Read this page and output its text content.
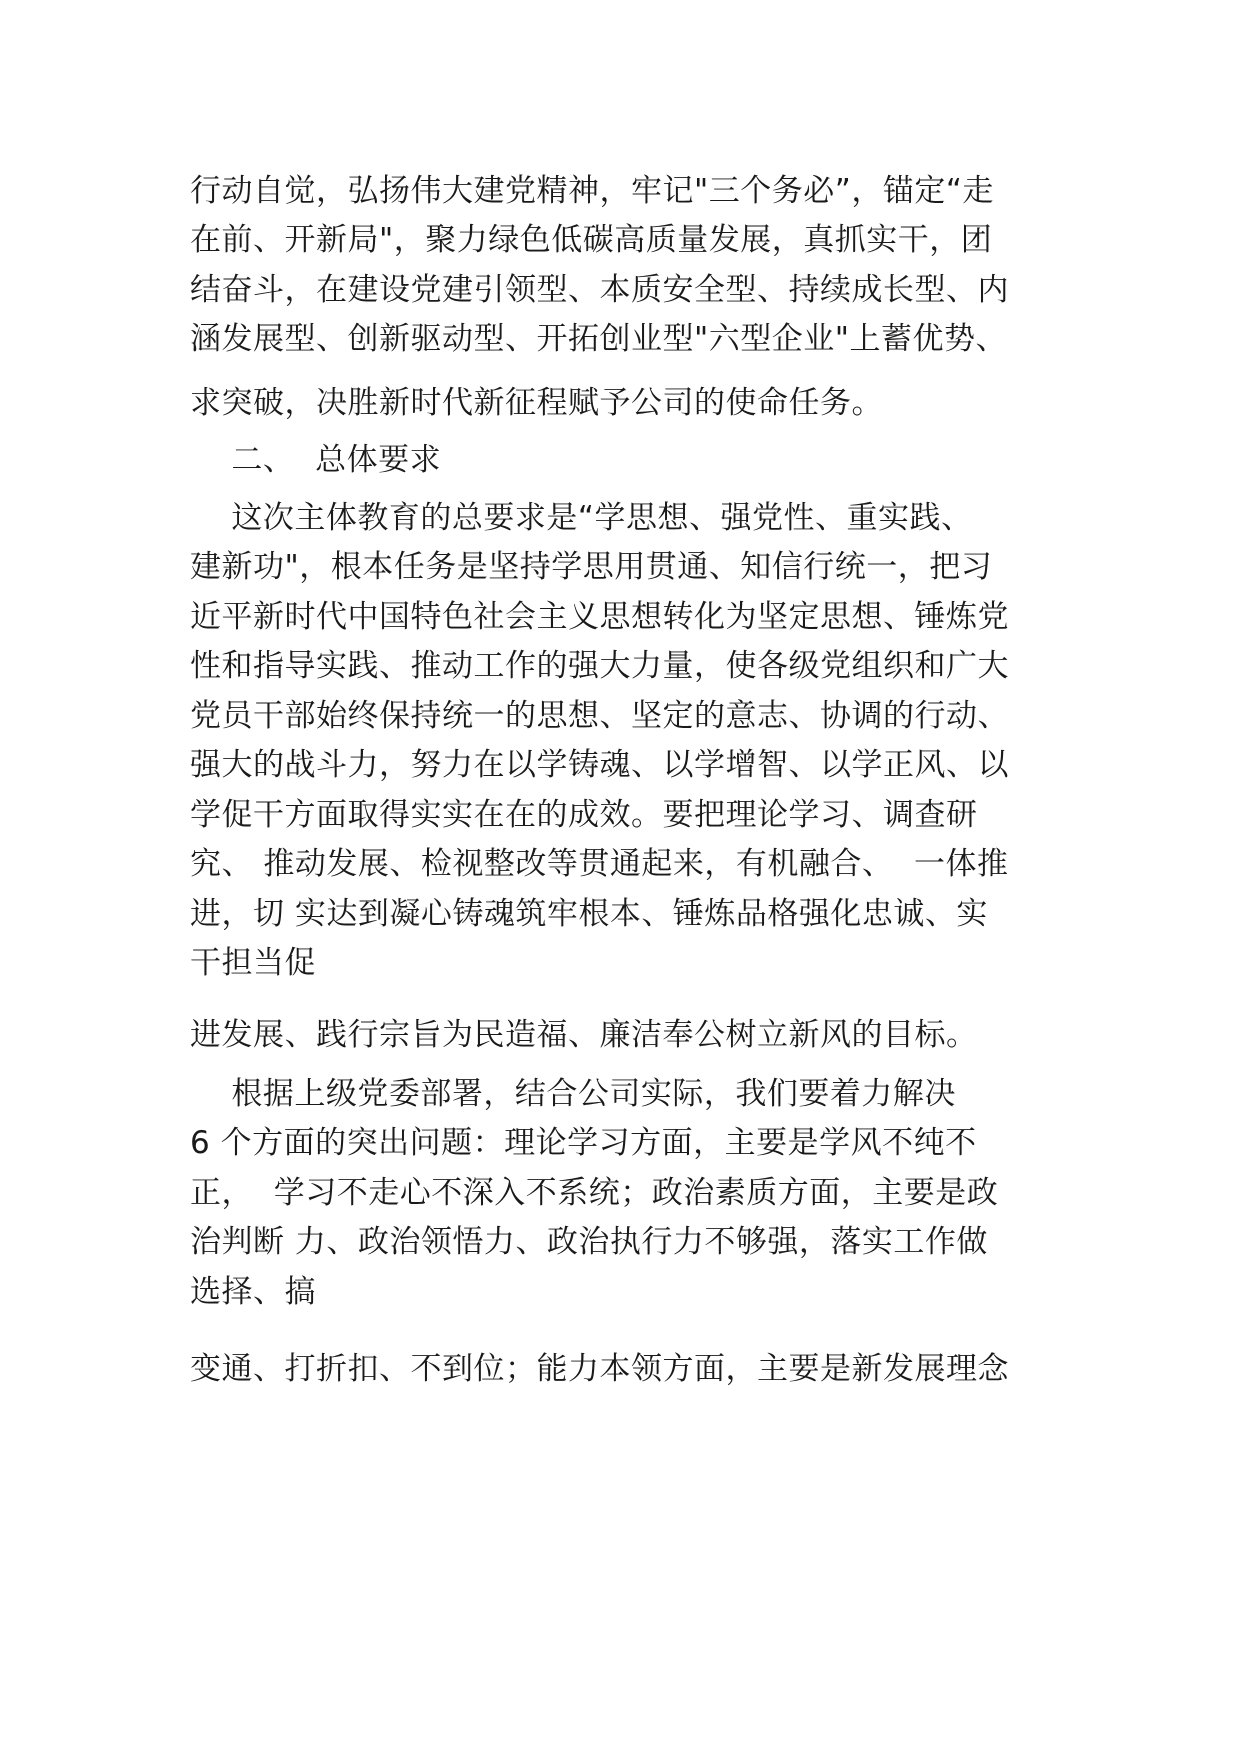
行动自觉，弘扬伟大建党精神，牢记"三个务必”，锚定“走
在前、开新局"，聚力绿色低碳高质量发展，真抓实干，团
结奋斗，在建设党建引领型、本质安全型、持续成长型、内
涵发展型、创新驱动型、开拓创业型"六型企业"上蓄优势、
求突破，决胜新时代新征程赋予公司的使命任务。
二、  总体要求
这次主体教育的总要求是“学思想、强党性、重实践、
建新功"，根本任务是坚持学思用贯通、知信行统一，把习
近平新时代中国特色社会主义思想转化为坚定思想、锤炼党
性和指导实践、推动工作的强大力量，使各级党组织和广大
党员干部始终保持统一的思想、坚定的意志、协调的行动、
强大的战斗力，努力在以学铸魂、以学增智、以学正风、以
学促干方面取得实实在在的成效。要把理论学习、调查研
究、 推动发展、检视整改等贯通起来，有机融合、  一体推
进，切 实达到凝心铸魂筑牢根本、锤炼品格强化忠诚、实
干担当促
进发展、践行宗旨为民造福、廉洁奉公树立新风的目标。
根据上级党委部署，结合公司实际，我们要着力解决
6 个方面的突出问题：理论学习方面，主要是学风不纯不
正，  学习不走心不深入不系统；政治素质方面，主要是政
治判断 力、政治领悟力、政治执行力不够强，落实工作做
选择、搞
变通、打折扣、不到位；能力本领方面，主要是新发展理念
